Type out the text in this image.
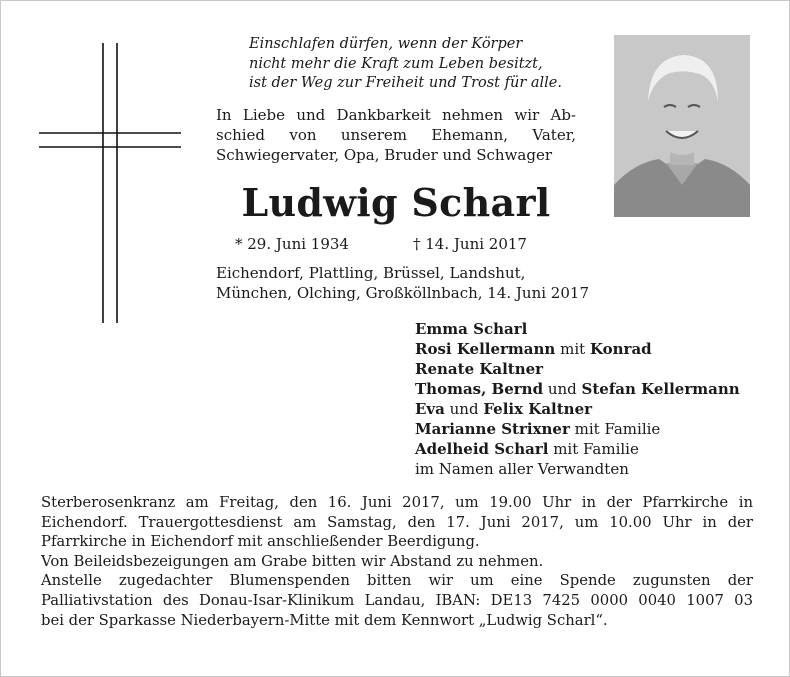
Einschlafen dürfen, wenn der Körper
nicht mehr die Kraft zum Leben besitzt,
ist der Weg zur Freiheit und Trost für alle.
In Liebe und Dankbarkeit nehmen wir Ab-
schied von unserem Ehemann, Vater,
Schwiegervater, Opa, Bruder und Schwager
Ludwig Scharl
* 29. Juni 1934	† 14. Juni 2017
Eichendorf, Plattling, Brüssel, Landshut,
München, Olching, Großköllnbach, 14. Juni 2017
Emma Scharl
Rosi Kellermann mit Konrad
Renate Kaltner
Thomas, Bernd und Stefan Kellermann
Eva und Felix Kaltner
Marianne Strixner mit Familie
Adelheid Scharl mit Familie
im Namen aller Verwandten
Sterberosenkranz am Freitag, den 16. Juni 2017, um 19.00 Uhr in der Pfarrkirche in
Eichendorf. Trauergottesdienst am Samstag, den 17. Juni 2017, um 10.00 Uhr in der
Pfarrkirche in Eichendorf mit anschließender Beerdigung.
Von Beileidsbezeigungen am Grabe bitten wir Abstand zu nehmen.
Anstelle zugedachter Blumenspenden bitten wir um eine Spende zugunsten der
Palliativstation des Donau-Isar-Klinikum Landau, IBAN: DE13 7425 0000 0040 1007 03
bei der Sparkasse Niederbayern-Mitte mit dem Kennwort „Ludwig Scharl“.
